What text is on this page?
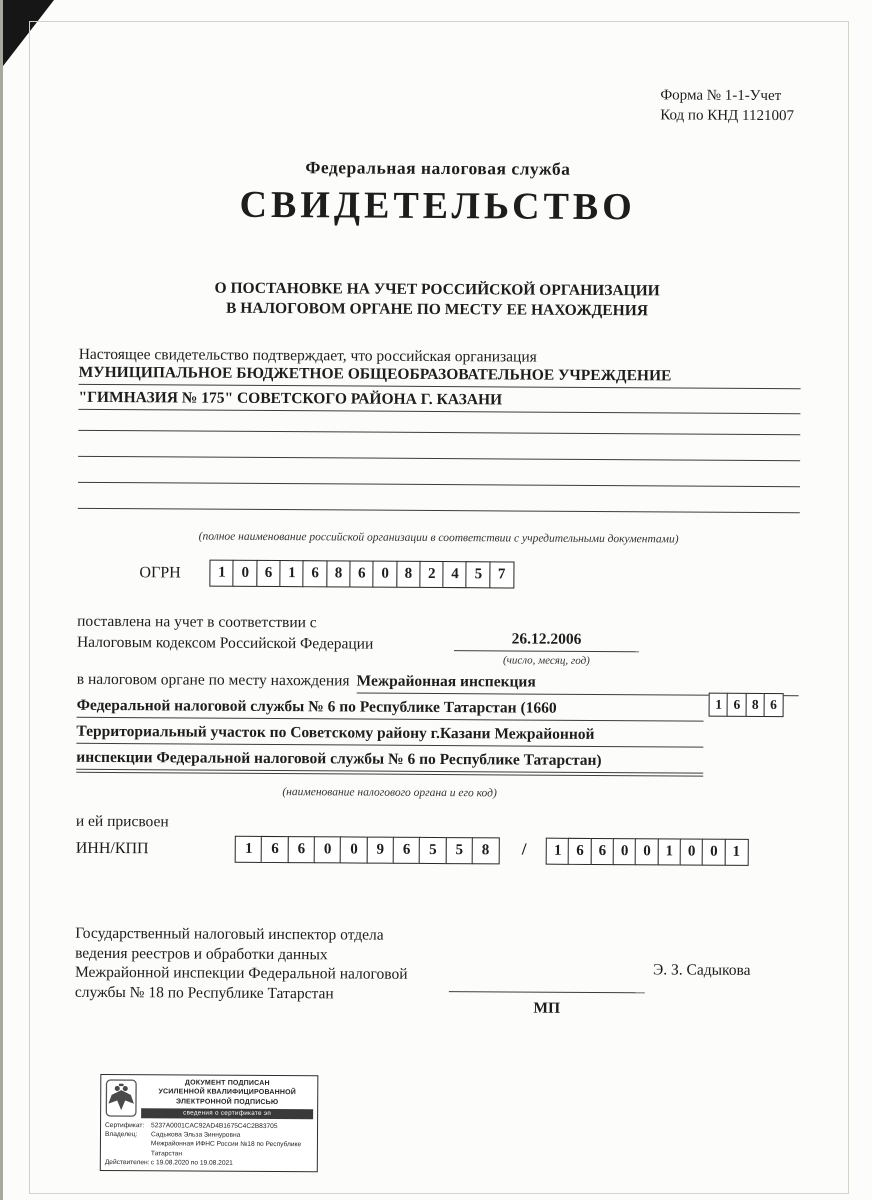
Форма № 1-1-Учет
Код по КНД 1121007
Федеральная налоговая служба
СВИДЕТЕЛЬСТВО
О ПОСТАНОВКЕ НА УЧЕТ РОССИЙСКОЙ ОРГАНИЗАЦИИ
В НАЛОГОВОМ ОРГАНЕ ПО МЕСТУ ЕЕ НАХОЖДЕНИЯ
Настоящее свидетельство подтверждает, что российская организация
МУНИЦИПАЛЬНОЕ БЮДЖЕТНОЕ ОБЩЕОБРАЗОВАТЕЛЬНОЕ УЧРЕЖДЕНИЕ
"ГИМНАЗИЯ № 175" СОВЕТСКОГО РАЙОНА Г. КАЗАНИ
(полное наименование российской организации в соответствии с учредительными документами)
ОГРН	1	0	6	1	6	8	6	0	8	2	4	5	7
поставлена на учет в соответствии с
Налоговым кодексом Российской Федерации	26.12.2006
(число, месяц, год)
в налоговом органе по месту нахождения Межрайонная инспекция
Федеральной налоговой службы № 6 по Республике Татарстан (1660	1 6 8 6
Территориальный участок по Советскому району г.Казани Межрайонной
инспекции Федеральной налоговой службы № 6 по Республике Татарстан)
(наименование налогового органа и его код)
и ей присвоен
ИНН/КПП	1	6	6	0	0	9	6	5	5	8	/	1 6 6 0 0 1 0 0 1
Государственный налоговый инспектор отдела
ведения реестров и обработки данных
Межрайонной инспекции Федеральной налоговой
службы № 18 по Республике Татарстан
Э. З. Садыкова
МП
ДОКУМЕНТ ПОДПИСАН
УСИЛЕННОЙ КВАЛИФИЦИРОВАННОЙ
ЭЛЕКТРОННОЙ ПОДПИСЬЮ
сведения о сертификате эп
Сертификат:	5237A0001CAC92AD4B1675C4C2B83705
Владелец:	Садыкова Эльза Зиннуровна
Межрайонная ИФНС России №18 по Республике Татарстан
Действителен: с 19.08.2020 по 19.08.2021
